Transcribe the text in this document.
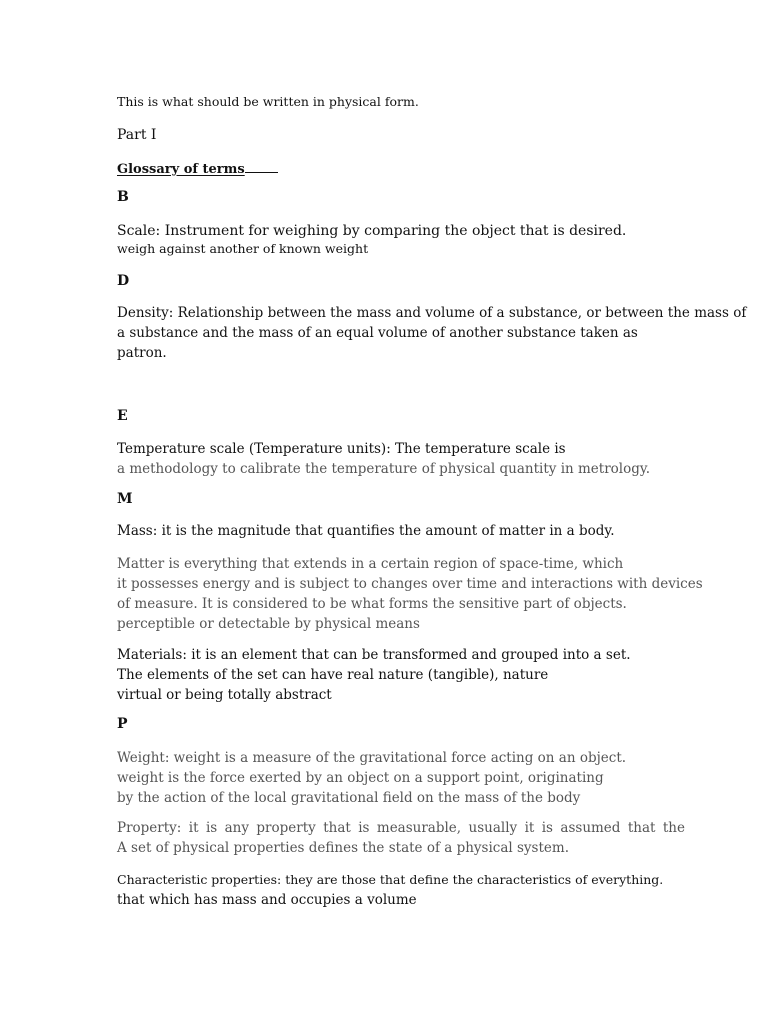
This is what should be written in physical form.

Part I

Glossary of terms

B

Scale: Instrument for weighing by comparing the object that is desired.
weigh against another of known weight

D

Density: Relationship between the mass and volume of a substance, or between the mass of
a substance and the mass of an equal volume of another substance taken as
patron.

E

Temperature scale (Temperature units): The temperature scale is
a methodology to calibrate the temperature of physical quantity in metrology.

M

Mass: it is the magnitude that quantifies the amount of matter in a body.

Matter is everything that extends in a certain region of space-time, which
it possesses energy and is subject to changes over time and interactions with devices
of measure. It is considered to be what forms the sensitive part of objects.
perceptible or detectable by physical means
Materials: it is an element that can be transformed and grouped into a set.
The elements of the set can have real nature (tangible), nature
virtual or being totally abstract

P

Weight: weight is a measure of the gravitational force acting on an object.
weight is the force exerted by an object on a support point, originating
by the action of the local gravitational field on the mass of the body

Property: it is any property that is measurable, usually it is assumed that the

A set of physical properties defines the state of a physical system.

Characteristic properties: they are those that define the characteristics of everything.
that which has mass and occupies a volume
